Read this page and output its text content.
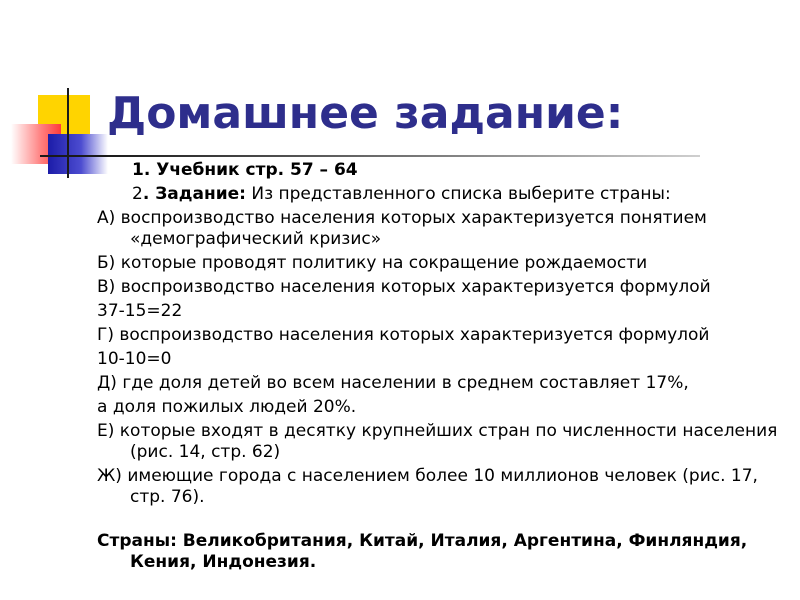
Домашнее задание:

1. Учебник стр. 57 – 64

2. Задание: Из представленного списка выберите страны:

А) воспроизводство населения которых характеризуется понятием «демографический кризис»

Б) которые проводят политику на сокращение рождаемости

В) воспроизводство населения которых характеризуется формулой

37-15=22

Г) воспроизводство населения которых характеризуется формулой

10-10=0

Д) где доля детей во всем населении в среднем составляет 17%,

а доля пожилых людей 20%.

Е) которые входят в десятку крупнейших стран по численности населения (рис. 14, стр. 62)

Ж) имеющие города с населением более 10 миллионов человек (рис. 17, стр. 76).

Страны: Великобритания, Китай, Италия, Аргентина, Финляндия, Кения, Индонезия.
